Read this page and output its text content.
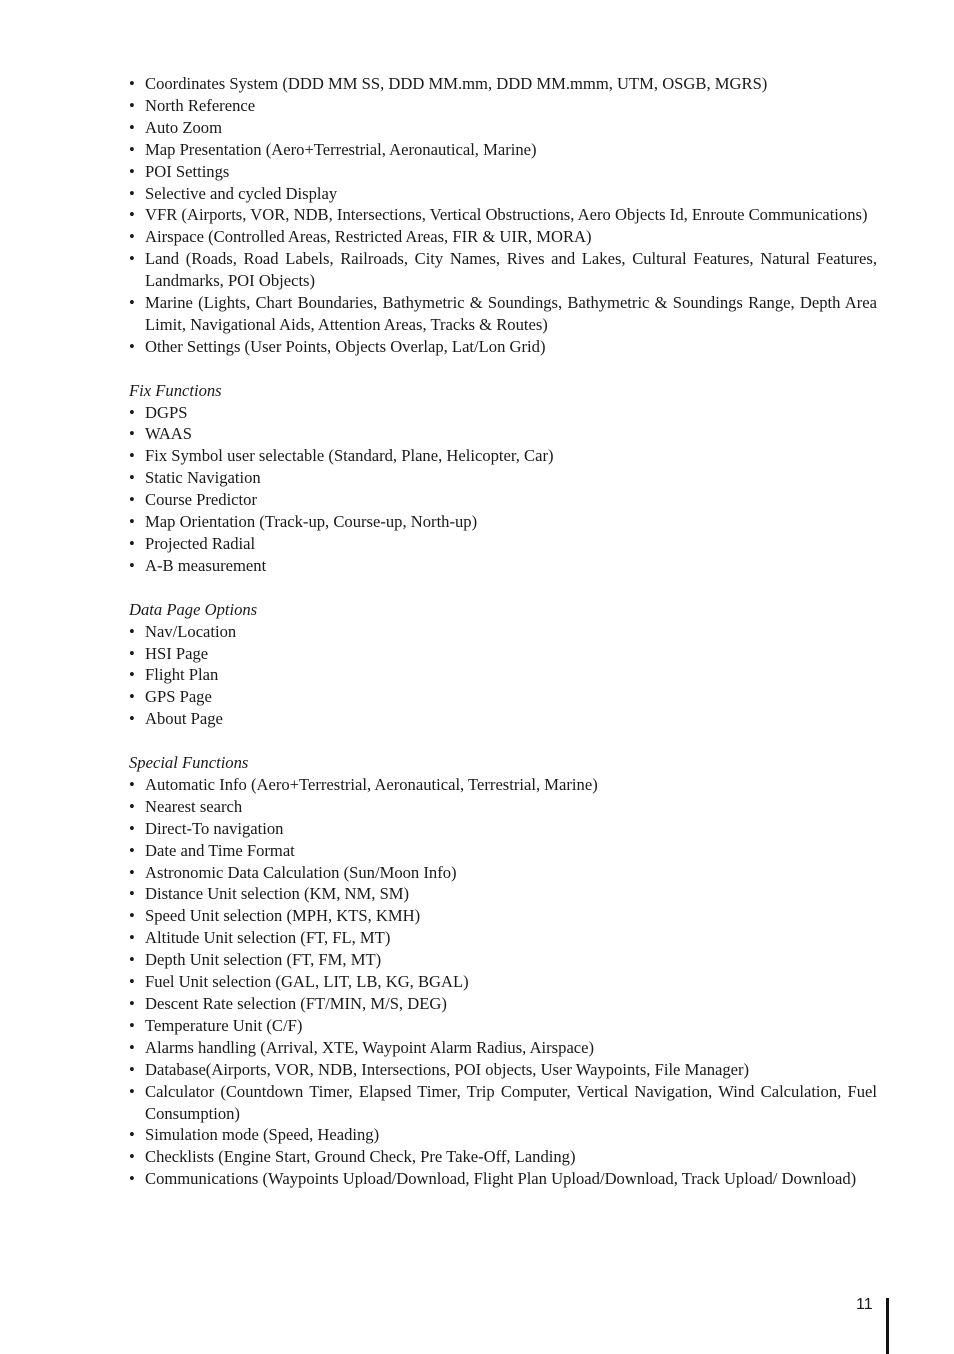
• Coordinates System (DDD MM SS, DDD MM.mm, DDD MM.mmm, UTM, OSGB, MGRS)
• North Reference
• Auto Zoom
• Map Presentation (Aero+Terrestrial, Aeronautical, Marine)
• POI Settings
• Selective and cycled Display
• VFR (Airports, VOR, NDB, Intersections, Vertical Obstructions, Aero Objects Id, Enroute Communications)
• Airspace (Controlled Areas, Restricted Areas, FIR & UIR, MORA)
• Land (Roads, Road Labels, Railroads, City Names, Rives and Lakes, Cultural Features, Natural Features, Landmarks, POI Objects)
• Marine (Lights, Chart Boundaries, Bathymetric & Soundings, Bathymetric & Soundings Range, Depth Area Limit, Navigational Aids, Attention Areas, Tracks & Routes)
• Other Settings (User Points, Objects Overlap, Lat/Lon Grid)
Fix Functions
• DGPS
• WAAS
• Fix Symbol user selectable (Standard, Plane, Helicopter, Car)
• Static Navigation
• Course Predictor
• Map Orientation (Track-up, Course-up, North-up)
• Projected Radial
• A-B measurement
Data Page Options
• Nav/Location
• HSI Page
• Flight Plan
• GPS Page
• About Page
Special Functions
• Automatic Info (Aero+Terrestrial, Aeronautical, Terrestrial, Marine)
• Nearest search
• Direct-To navigation
• Date and Time Format
• Astronomic Data Calculation (Sun/Moon Info)
• Distance Unit selection (KM, NM, SM)
• Speed Unit selection (MPH, KTS, KMH)
• Altitude Unit selection (FT, FL, MT)
• Depth Unit selection (FT, FM, MT)
• Fuel Unit selection (GAL, LIT, LB, KG, BGAL)
• Descent Rate selection (FT/MIN, M/S, DEG)
• Temperature Unit (C/F)
• Alarms handling (Arrival, XTE, Waypoint Alarm Radius, Airspace)
• Database(Airports, VOR, NDB, Intersections, POI objects, User Waypoints, File Manager)
• Calculator (Countdown Timer, Elapsed Timer, Trip Computer, Vertical Navigation, Wind Calculation, Fuel Consumption)
• Simulation mode (Speed, Heading)
• Checklists (Engine Start, Ground Check, Pre Take-Off, Landing)
• Communications (Waypoints Upload/Download, Flight Plan Upload/Download, Track Upload/ Download)
11
